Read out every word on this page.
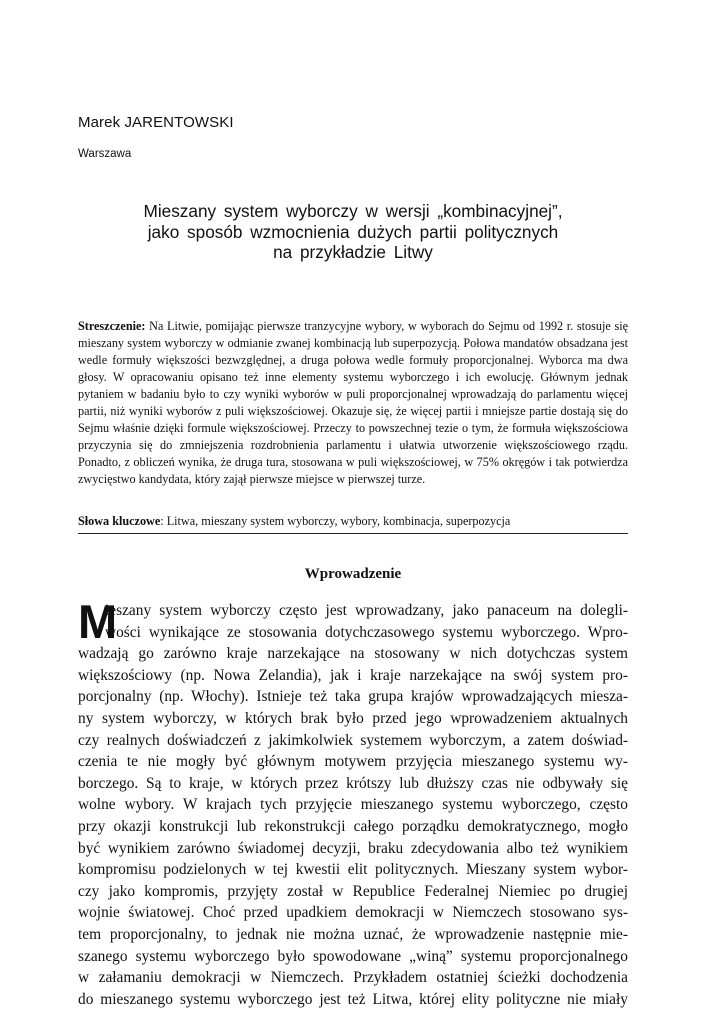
Marek JARENTOWSKI
Warszawa
Mieszany system wyborczy w wersji „kombinacyjnej”,
jako sposób wzmocnienia dużych partii politycznych
na przykładzie Litwy
Streszczenie: Na Litwie, pomijając pierwsze tranzycyjne wybory, w wyborach do Sejmu od 1992 r. stosuje się mieszany system wyborczy w odmianie zwanej kombinacją lub superpozycją. Połowa mandatów obsadzana jest wedle formuły większości bezwzględnej, a druga połowa wedle formuły proporcjonalnej. Wyborca ma dwa głosy. W opracowaniu opisano też inne elementy systemu wyborczego i ich ewolucję. Głównym jednak pytaniem w badaniu było to czy wyniki wyborów w puli proporcjonalnej wprowadzają do parlamentu więcej partii, niż wyniki wyborów z puli większościowej. Okazuje się, że więcej partii i mniejsze partie dostają się do Sejmu właśnie dzięki formule większościowej. Przeczy to powszechnej tezie o tym, że formuła większościowa przyczynia się do zmniejszenia rozdrobnienia parlamentu i ułatwia utworzenie większościowego rządu. Ponadto, z obliczeń wynika, że druga tura, stosowana w puli większościowej, w 75% okręgów i tak potwierdza zwycięstwo kandydata, który zajął pierwsze miejsce w pierwszej turze.
Słowa kluczowe: Litwa, mieszany system wyborczy, wybory, kombinacja, superpozycja
Wprowadzenie
M
ieszany system wyborczy często jest wprowadzany, jako panaceum na dolegli-
wości wynikające ze stosowania dotychczasowego systemu wyborczego. Wpro-
wadzają go zarówno kraje narzekające na stosowany w nich dotychczas system
większościowy (np. Nowa Zelandia), jak i kraje narzekające na swój system pro-
porcjonalny (np. Włochy). Istnieje też taka grupa krajów wprowadzających miesza-
ny system wyborczy, w których brak było przed jego wprowadzeniem aktualnych
czy realnych doświadczeń z jakimkolwiek systemem wyborczym, a zatem doświad-
czenia te nie mogły być głównym motywem przyjęcia mieszanego systemu wy-
borczego. Są to kraje, w których przez krótszy lub dłuższy czas nie odbywały się
wolne wybory. W krajach tych przyjęcie mieszanego systemu wyborczego, często
przy okazji konstrukcji lub rekonstrukcji całego porządku demokratycznego, mogło
być wynikiem zarówno świadomej decyzji, braku zdecydowania albo też wynikiem
kompromisu podzielonych w tej kwestii elit politycznych. Mieszany system wybor-
czy jako kompromis, przyjęty został w Republice Federalnej Niemiec po drugiej
wojnie światowej. Choć przed upadkiem demokracji w Niemczech stosowano sys-
tem proporcjonalny, to jednak nie można uznać, że wprowadzenie następnie mie-
szanego systemu wyborczego było spowodowane „winą” systemu proporcjonalnego
w załamaniu demokracji w Niemczech. Przykładem ostatniej ścieżki dochodzenia
do mieszanego systemu wyborczego jest też Litwa, której elity polityczne nie miały
